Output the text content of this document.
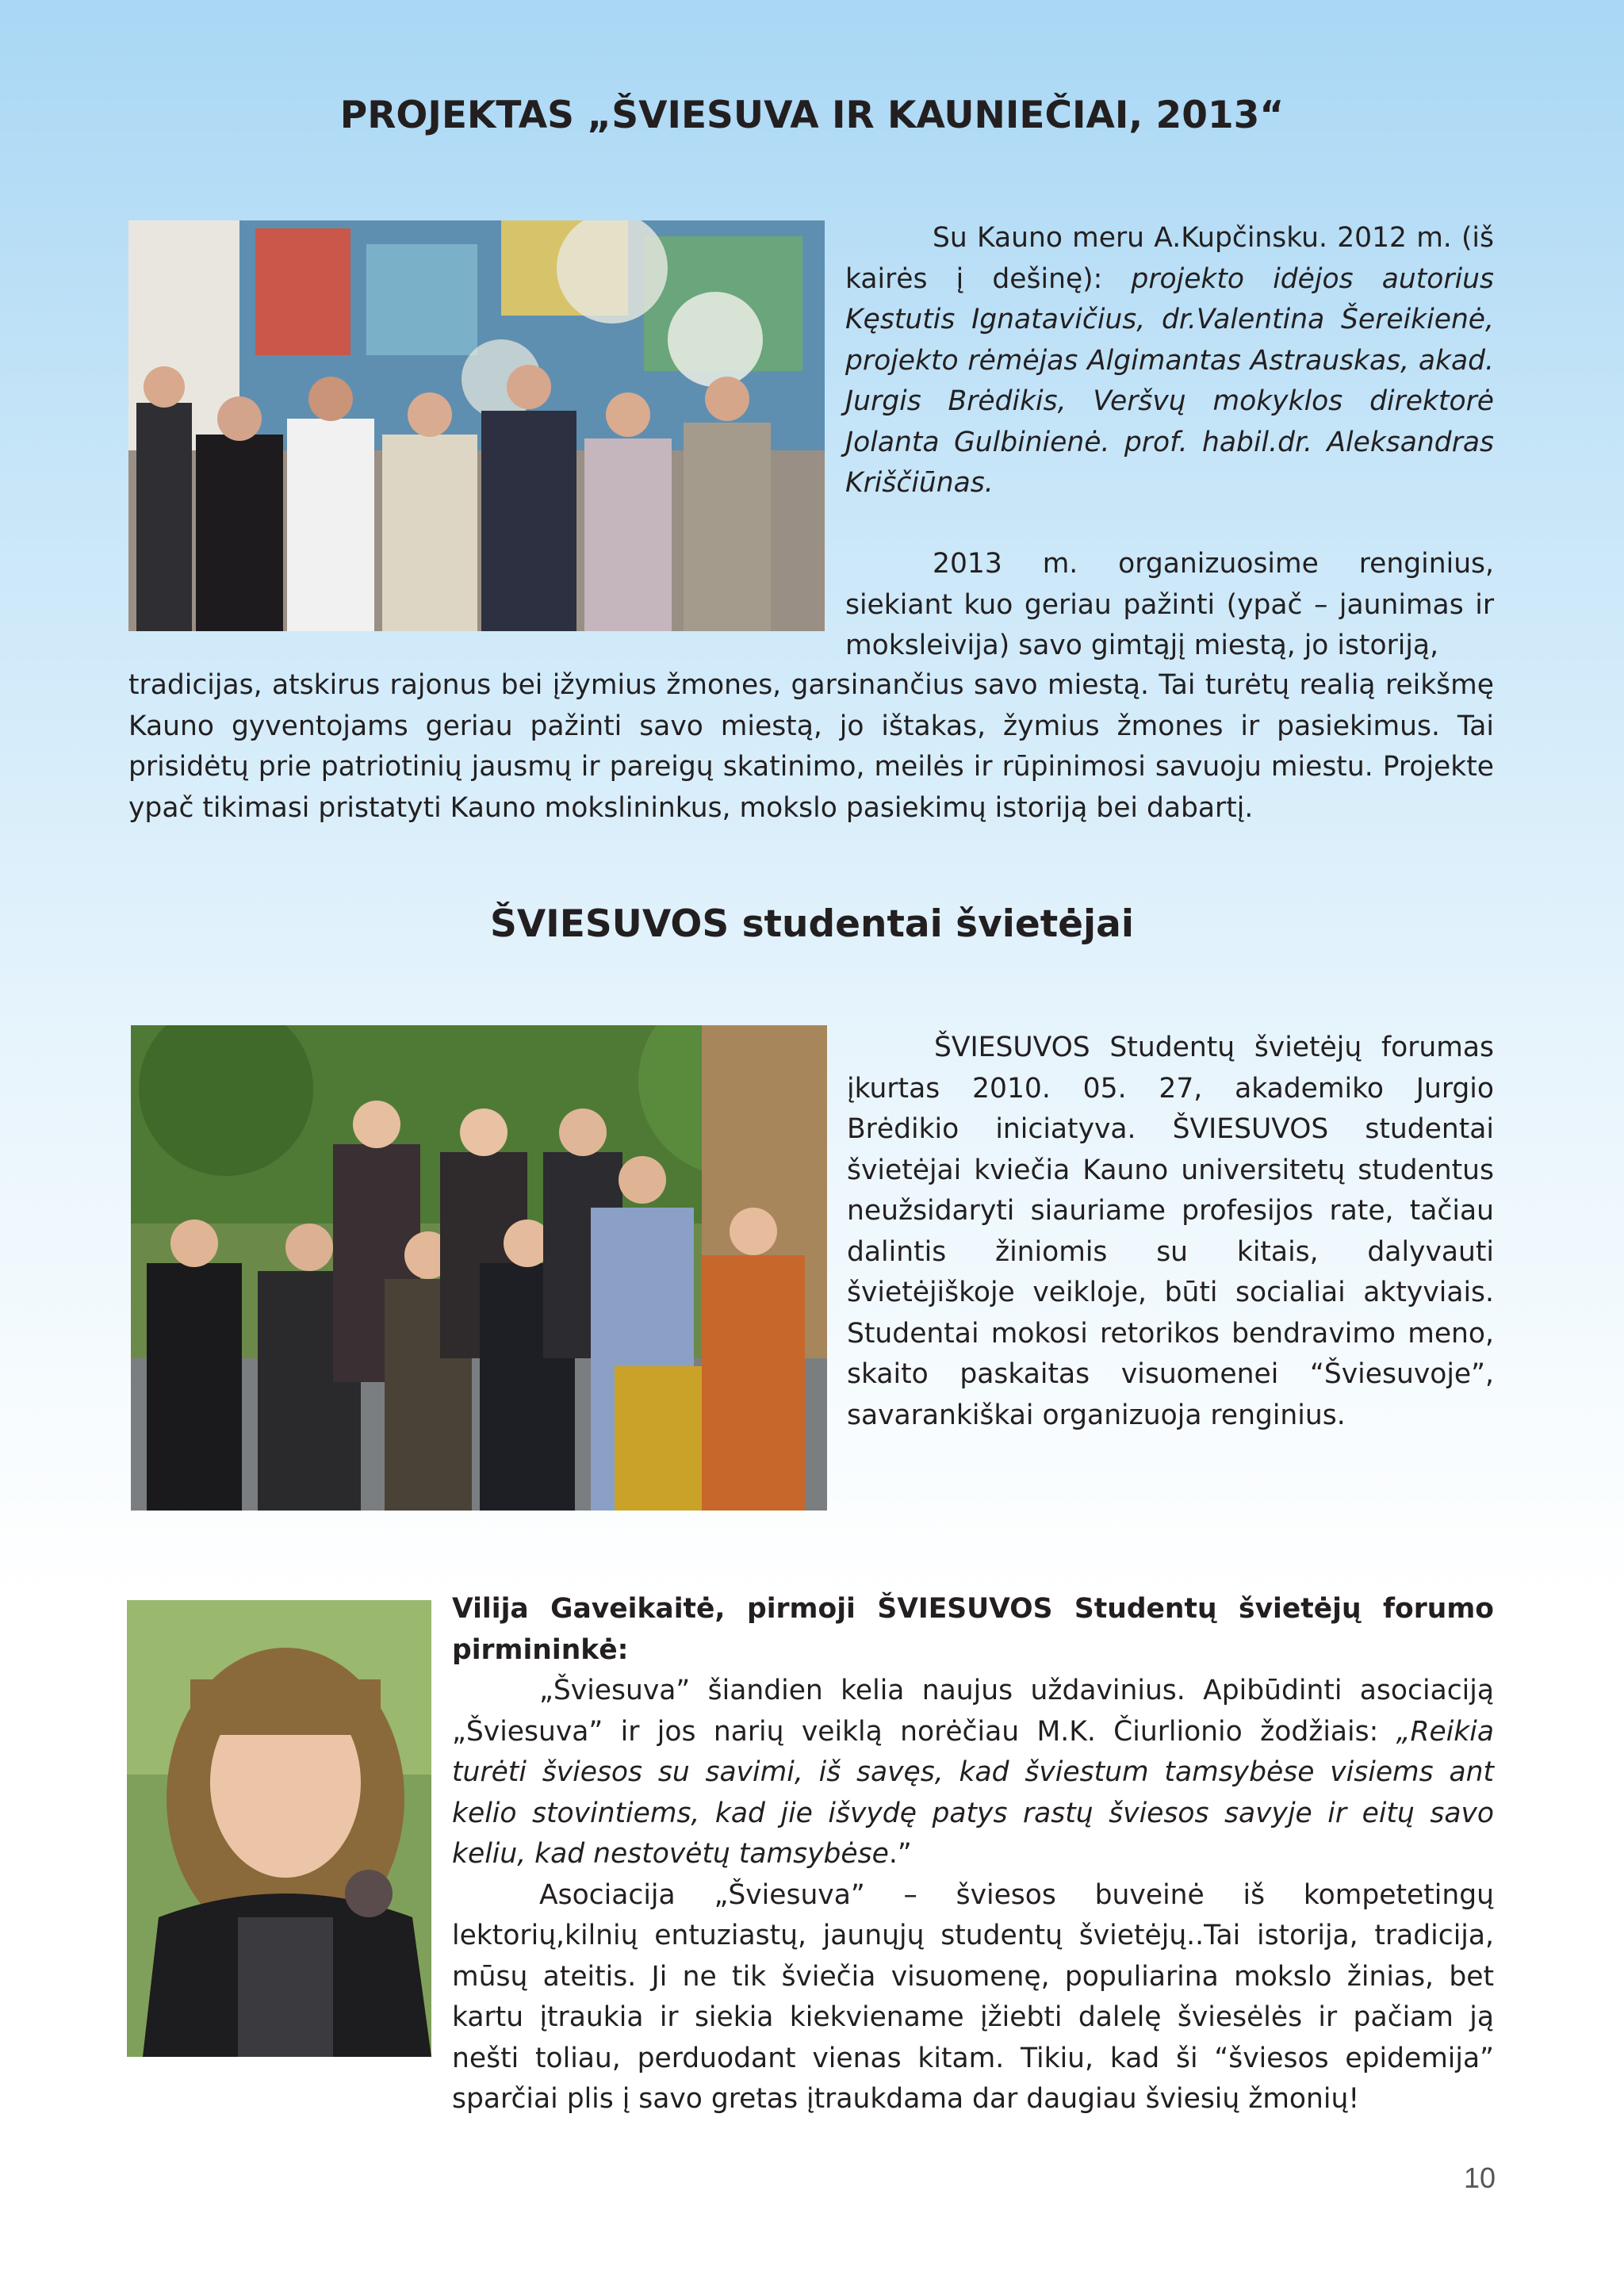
PROJEKTAS „ŠVIESUVA IR KAUNIEČIAI, 2013“

Su Kauno meru A.Kupčinsku. 2012 m. (iš kairės į dešinę): projekto idėjos autorius Kęstutis Ignatavičius, dr.Valentina Šereikienė, projekto rėmėjas Algimantas Astrauskas, akad. Jurgis Brėdikis, Veršvų mokyklos direktorė Jolanta Gulbinienė. prof. habil.dr. Aleksandras Kriščiūnas.

2013 m. organizuosime renginius, siekiant kuo geriau pažinti (ypač – jaunimas ir moksleivija) savo gimtąjį miestą, jo istoriją,

tradicijas, atskirus rajonus bei įžymius žmones, garsinančius savo miestą. Tai turėtų realią reikšmę Kauno gyventojams geriau pažinti savo miestą, jo ištakas, žymius žmones ir pasiekimus. Tai prisidėtų prie patriotinių jausmų ir pareigų skatinimo, meilės ir rūpinimosi savuoju miestu. Projekte ypač tikimasi pristatyti Kauno mokslininkus, mokslo pasiekimų istoriją bei dabartį.

ŠVIESUVOS studentai švietėjai

ŠVIESUVOS Studentų švietėjų forumas įkurtas 2010. 05. 27, akademiko Jurgio Brėdikio iniciatyva. ŠVIESUVOS studentai švietėjai kviečia Kauno universitetų studentus neužsidaryti siauriame profesijos rate, tačiau dalintis žiniomis su kitais, dalyvauti švietėjiškoje veikloje, būti socialiai aktyviais. Studentai mokosi retorikos bendravimo meno, skaito paskaitas visuomenei “Šviesuvoje”, savarankiškai organizuoja renginius.

Vilija Gaveikaitė, pirmoji ŠVIESUVOS Studentų švietėjų forumo pirmininkė:

„Šviesuva” šiandien kelia naujus uždavinius. Apibūdinti asociaciją „Šviesuva” ir jos narių veiklą norėčiau M.K. Čiurlionio žodžiais: „Reikia turėti šviesos su savimi, iš savęs, kad šviestum tamsybėse visiems ant kelio stovintiems, kad jie išvydę patys rastų šviesos savyje ir eitų savo keliu, kad nestovėtų tamsybėse.”

Asociacija „Šviesuva” – šviesos buveinė iš kompetetingų lektorių,kilnių entuziastų, jaunųjų studentų švietėjų..Tai istorija, tradicija, mūsų ateitis. Ji ne tik šviečia visuomenę, populiarina mokslo žinias, bet kartu įtraukia ir siekia kiekviename įžiebti dalelę šviesėlės ir pačiam ją nešti toliau, perduodant vienas kitam. Tikiu, kad ši “šviesos epidemija” sparčiai plis į savo gretas įtraukdama dar daugiau šviesių žmonių!

10
